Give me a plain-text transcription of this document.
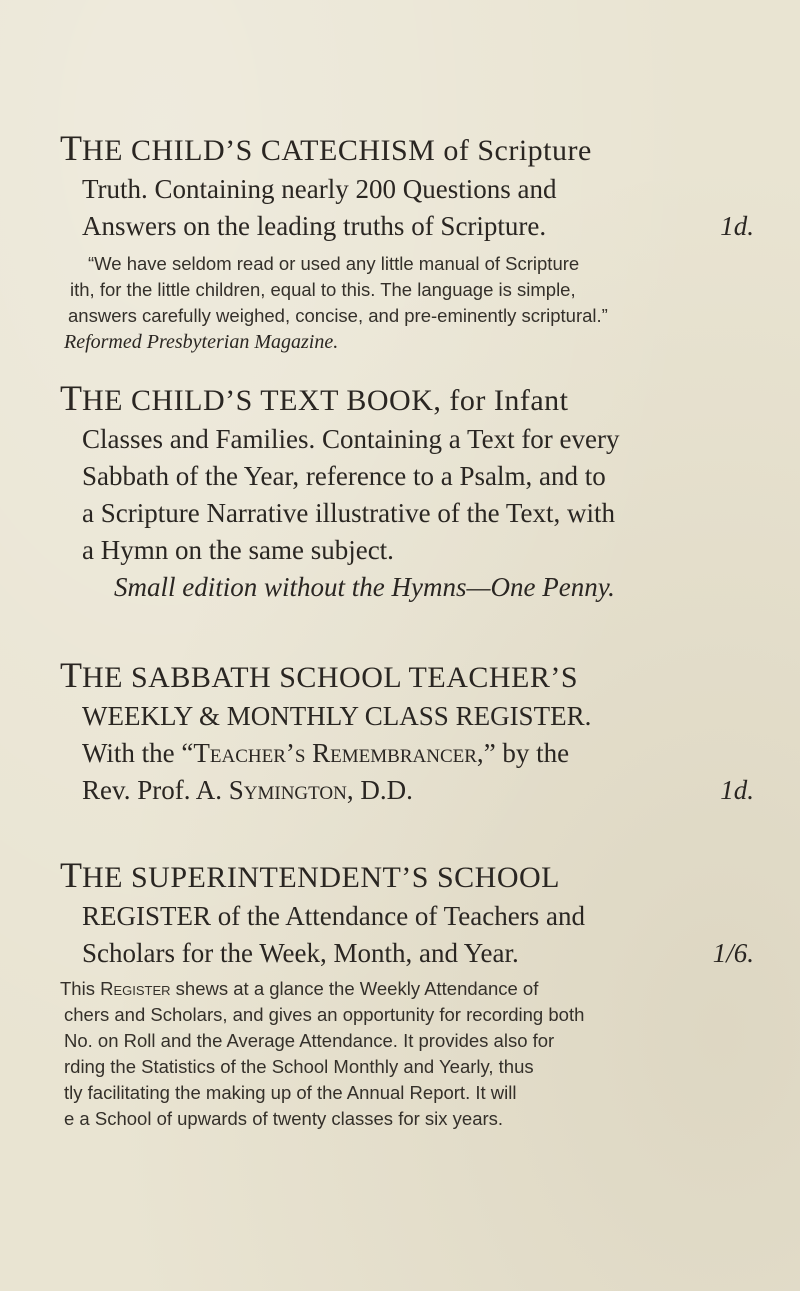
THE CHILD’S CATECHISM of Scripture

Truth. Containing nearly 200 Questions and

Answers on the leading truths of Scripture.	1d.

“We have seldom read or used any little manual of Scripture

ith, for the little children, equal to this. The language is simple,

answers carefully weighed, concise, and pre-eminently scriptural.”

Reformed Presbyterian Magazine.

THE CHILD’S TEXT BOOK, for Infant

Classes and Families. Containing a Text for every

Sabbath of the Year, reference to a Psalm, and to

a Scripture Narrative illustrative of the Text, with

a Hymn on the same subject.

Small edition without the Hymns—One Penny.

THE SABBATH SCHOOL TEACHER’S

WEEKLY & MONTHLY CLASS REGISTER.

With the “Teacher’s Remembrancer,” by the

Rev. Prof. A. Symington, D.D.	1d.

THE SUPERINTENDENT’S SCHOOL

REGISTER of the Attendance of Teachers and

Scholars for the Week, Month, and Year.	1/6.

This Register shews at a glance the Weekly Attendance of

chers and Scholars, and gives an opportunity for recording both

No. on Roll and the Average Attendance. It provides also for

rding the Statistics of the School Monthly and Yearly, thus

tly facilitating the making up of the Annual Report. It will

e a School of upwards of twenty classes for six years.
